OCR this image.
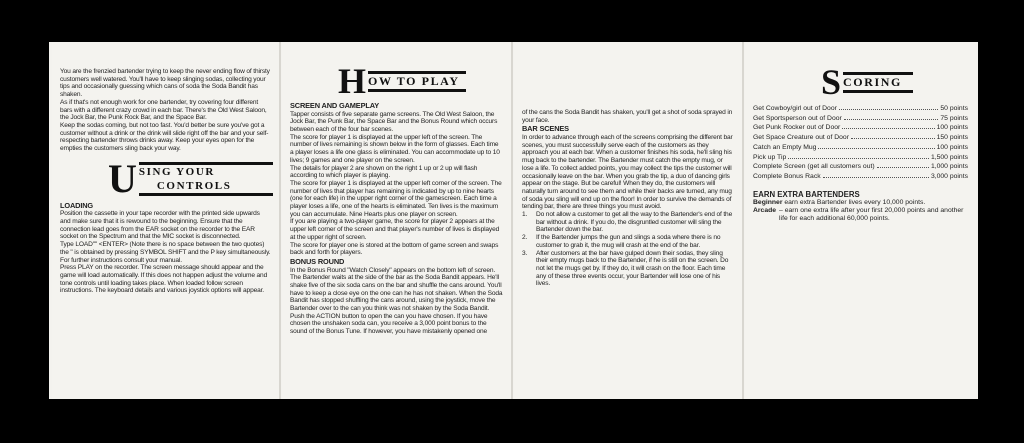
You are the frenzied bartender trying to keep the never ending flow of thirsty customers well watered. You'll have to keep slinging sodas, collecting your tips and occasionally guessing which cans of soda the Soda Bandit has shaken.

As if that's not enough work for one bartender, try covering four different bars with a different crazy crowd in each bar. There's the Old West Saloon, the Jock Bar, the Punk Rock Bar, and the Space Bar.

Keep the sodas coming, but not too fast. You'd better be sure you've got a customer without a drink or the drink will slide right off the bar and your self-respecting bartender throws drinks away. Keep your eyes open for the empties the customers sling back your way.

U SING YOUR
CONTROLS
LOADING

Position the cassette in your tape recorder with the printed side upwards and make sure that it is rewound to the beginning. Ensure that the connection lead goes from the EAR socket on the recorder to the EAR socket on the Spectrum and that the MIC socket is disconnected.

Type LOAD"" <ENTER> (Note there is no space between the two quotes) the " is obtained by pressing SYMBOL SHIFT and the P key simultaneously. For further instructions consult your manual.

Press PLAY on the recorder. The screen message should appear and the game will load automatically. If this does not happen adjust the volume and tone controls until loading takes place. When loaded follow screen instructions. The keyboard details and various joystick options will appear.

H OW TO PLAY
SCREEN AND GAMEPLAY

Tapper consists of five separate game screens. The Old West Saloon, the Jock Bar, the Punk Bar, the Space Bar and the Bonus Round which occurs between each of the four bar scenes.

The score for player 1 is displayed at the upper left of the screen. The number of lives remaining is shown below in the form of glasses. Each time a player loses a life one glass is eliminated. You can accommodate up to 10 lives; 9 games and one player on the screen.

The details for player 2 are shown on the right 1 up or 2 up will flash according to which player is playing.

The score for player 1 is displayed at the upper left corner of the screen. The number of lives that player has remaining is indicated by up to nine hearts (one for each life) in the upper right corner of the gamescreen. Each time a player loses a life, one of the hearts is eliminated. Ten lives is the maximum you can accumulate. Nine Hearts plus one player on screen.

If you are playing a two-player game, the score for player 2 appears at the upper left corner of the screen and that player's number of lives is displayed at the upper right of screen.

The score for player one is stored at the bottom of game screen and swaps back and forth for players.

BONUS ROUND

In the Bonus Round "Watch Closely" appears on the bottom left of screen. The Bartender waits at the side of the bar as the Soda Bandit appears. He'll shake five of the six soda cans on the bar and shuffle the cans around. You'll have to keep a close eye on the one can he has not shaken. When the Soda Bandit has stopped shuffling the cans around, using the joystick, move the Bartender over to the can you think was not shaken by the Soda Bandit. Push the ACTION button to open the can you have chosen. If you have chosen the unshaken soda can, you receive a 3,000 point bonus to the sound of the Bonus Tune. If however, you have mistakenly opened one

of the cans the Soda Bandit has shaken, you'll get a shot of soda sprayed in your face.

BAR SCENES

In order to advance through each of the screens comprising the different bar scenes, you must successfully serve each of the customers as they approach you at each bar. When a customer finishes his soda, he'll sling his mug back to the bartender. The Bartender must catch the empty mug, or lose a life. To collect added points, you may collect the tips the customer will occasionally leave on the bar. When you grab the tip, a duo of dancing girls appear on the stage. But be careful! When they do, the customers will naturally turn around to see them and while their backs are turned, any mug of soda you sling will end up on the floor! In order to survive the demands of tending bar, there are three things you must avoid.

1.	Do not allow a customer to get all the way to the Bartender's end of the bar without a drink. If you do, the disgruntled customer will sling the Bartender down the bar.
2.	If the Bartender jumps the gun and slings a soda where there is no customer to grab it, the mug will crash at the end of the bar.
3.	After customers at the bar have gulped down their sodas, they sling their empty mugs back to the Bartender, if he is still on the screen. Do not let the mugs get by. If they do, it will crash on the floor. Each time any of these three events occur, your Bartender will lose one of his lives.
S CORING
Get Cowboy/girl out of Door	50 points
Get Sportsperson out of Door	75 points
Get Punk Rocker out of Door	100 points
Get Space Creature out of Door	150 points
Catch an Empty Mug	100 points
Pick up Tip	1,500 points
Complete Screen (get all customers out)	1,000 points
Complete Bonus Rack	3,000 points
EARN EXTRA BARTENDERS
Beginner earn extra Bartender lives every 10,000 points.
Arcade – earn one extra life after your first 20,000 points and another life for each additional 60,000 points.
